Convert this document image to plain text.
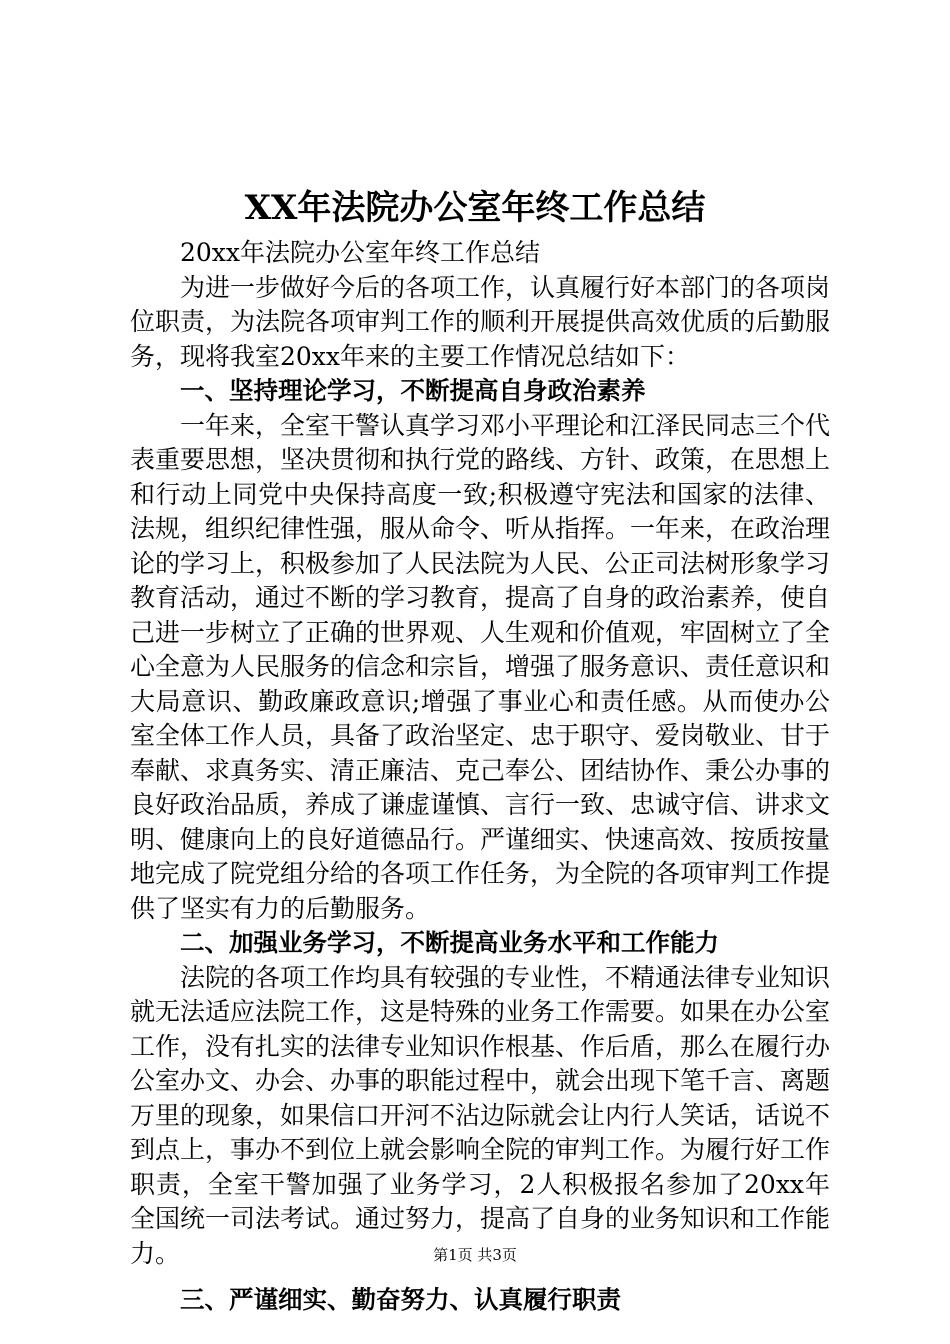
XX年法院办公室年终工作总结

20xx年法院办公室年终工作总结

为进一步做好今后的各项工作，认真履行好本部门的各项岗位职责，为法院各项审判工作的顺利开展提供高效优质的后勤服务，现将我室20xx年来的主要工作情况总结如下：

一、坚持理论学习，不断提高自身政治素养

一年来，全室干警认真学习邓小平理论和江泽民同志三个代表重要思想，坚决贯彻和执行党的路线、方针、政策，在思想上和行动上同党中央保持高度一致;积极遵守宪法和国家的法律、法规，组织纪律性强，服从命令、听从指挥。一年来，在政治理论的学习上，积极参加了人民法院为人民、公正司法树形象学习教育活动，通过不断的学习教育，提高了自身的政治素养，使自己进一步树立了正确的世界观、人生观和价值观，牢固树立了全心全意为人民服务的信念和宗旨，增强了服务意识、责任意识和大局意识、勤政廉政意识;增强了事业心和责任感。从而使办公室全体工作人员，具备了政治坚定、忠于职守、爱岗敬业、甘于奉献、求真务实、清正廉洁、克己奉公、团结协作、秉公办事的良好政治品质，养成了谦虚谨慎、言行一致、忠诚守信、讲求文明、健康向上的良好道德品行。严谨细实、快速高效、按质按量地完成了院党组分给的各项工作任务，为全院的各项审判工作提供了坚实有力的后勤服务。

二、加强业务学习，不断提高业务水平和工作能力

法院的各项工作均具有较强的专业性，不精通法律专业知识就无法适应法院工作，这是特殊的业务工作需要。如果在办公室工作，没有扎实的法律专业知识作根基、作后盾，那么在履行办公室办文、办会、办事的职能过程中，就会出现下笔千言、离题万里的现象，如果信口开河不沾边际就会让内行人笑话，话说不到点上，事办不到位上就会影响全院的审判工作。为履行好工作职责，全室干警加强了业务学习，2人积极报名参加了20xx年全国统一司法考试。通过努力，提高了自身的业务知识和工作能力。

三、严谨细实、勤奋努力、认真履行职责

第1页 共3页
